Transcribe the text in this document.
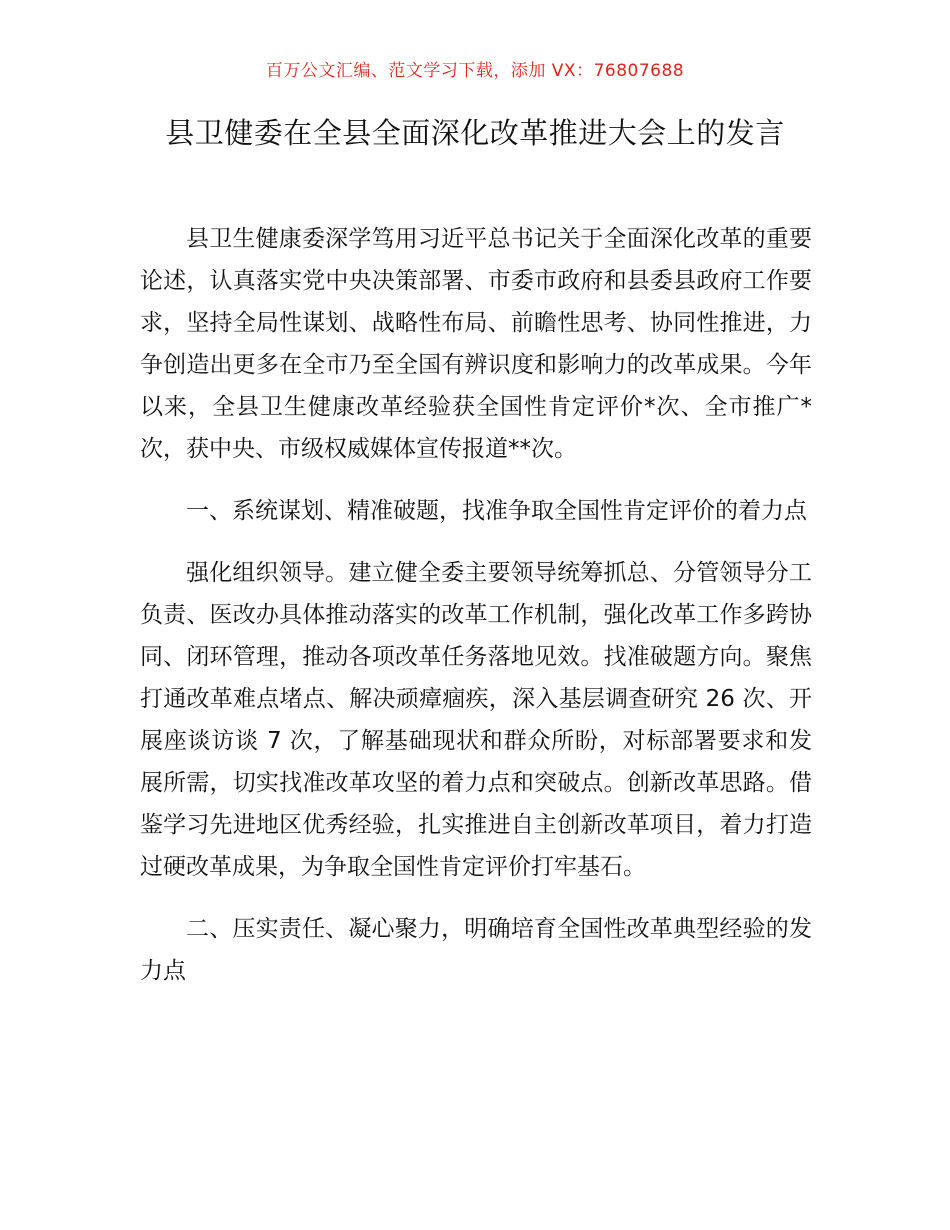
百万公文汇编、范文学习下载，添加 VX：76807688
县卫健委在全县全面深化改革推进大会上的发言

县卫生健康委深学笃用习近平总书记关于全面深化改革的重要论述，认真落实党中央决策部署、市委市政府和县委县政府工作要求，坚持全局性谋划、战略性布局、前瞻性思考、协同性推进，力争创造出更多在全市乃至全国有辨识度和影响力的改革成果。今年以来，全县卫生健康改革经验获全国性肯定评价*次、全市推广*次，获中央、市级权威媒体宣传报道**次。

一、系统谋划、精准破题，找准争取全国性肯定评价的着力点

强化组织领导。建立健全委主要领导统筹抓总、分管领导分工负责、医改办具体推动落实的改革工作机制，强化改革工作多跨协同、闭环管理，推动各项改革任务落地见效。找准破题方向。聚焦打通改革难点堵点、解决顽瘴痼疾，深入基层调查研究 26 次、开展座谈访谈 7 次，了解基础现状和群众所盼，对标部署要求和发展所需，切实找准改革攻坚的着力点和突破点。创新改革思路。借鉴学习先进地区优秀经验，扎实推进自主创新改革项目，着力打造过硬改革成果，为争取全国性肯定评价打牢基石。

二、压实责任、凝心聚力，明确培育全国性改革典型经验的发力点
